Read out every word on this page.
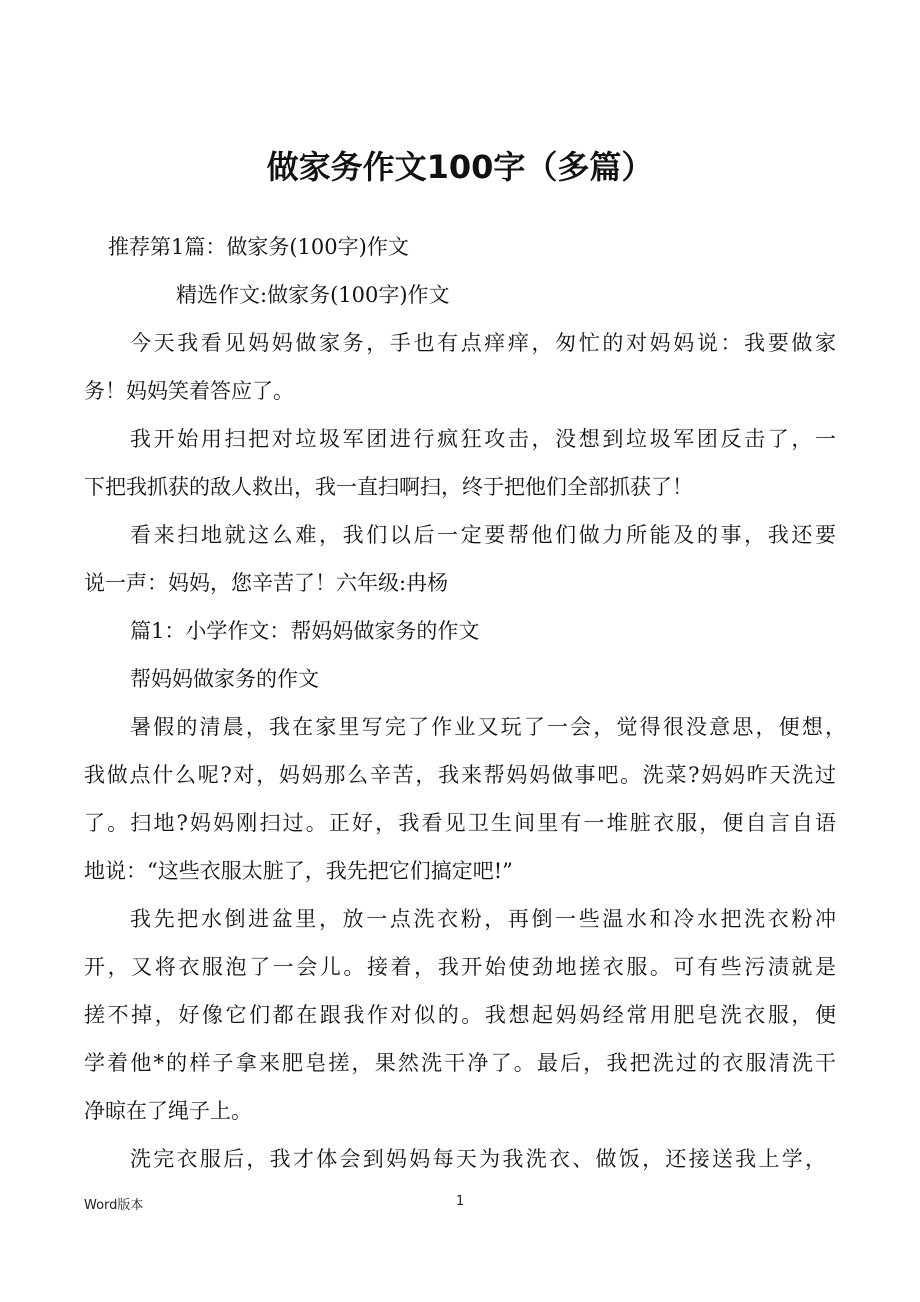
做家务作文100字（多篇）
推荐第1篇：做家务(100字)作文
精选作文:做家务(100字)作文
今天我看见妈妈做家务，手也有点痒痒，匆忙的对妈妈说：我要做家
务！妈妈笑着答应了。
我开始用扫把对垃圾军团进行疯狂攻击，没想到垃圾军团反击了，一
下把我抓获的敌人救出，我一直扫啊扫，终于把他们全部抓获了！
看来扫地就这么难，我们以后一定要帮他们做力所能及的事，我还要
说一声：妈妈，您辛苦了！六年级:冉杨
篇1：小学作文：帮妈妈做家务的作文
帮妈妈做家务的作文
暑假的清晨，我在家里写完了作业又玩了一会，觉得很没意思，便想，
我做点什么呢?对，妈妈那么辛苦，我来帮妈妈做事吧。洗菜?妈妈昨天洗过
了。扫地?妈妈刚扫过。正好，我看见卫生间里有一堆脏衣服，便自言自语
地说：“这些衣服太脏了，我先把它们搞定吧!”
我先把水倒进盆里，放一点洗衣粉，再倒一些温水和冷水把洗衣粉冲
开，又将衣服泡了一会儿。接着，我开始使劲地搓衣服。可有些污渍就是
搓不掉，好像它们都在跟我作对似的。我想起妈妈经常用肥皂洗衣服，便
学着他*的样子拿来肥皂搓，果然洗干净了。最后，我把洗过的衣服清洗干
净晾在了绳子上。
洗完衣服后，我才体会到妈妈每天为我洗衣、做饭，还接送我上学，
Word版本	1
